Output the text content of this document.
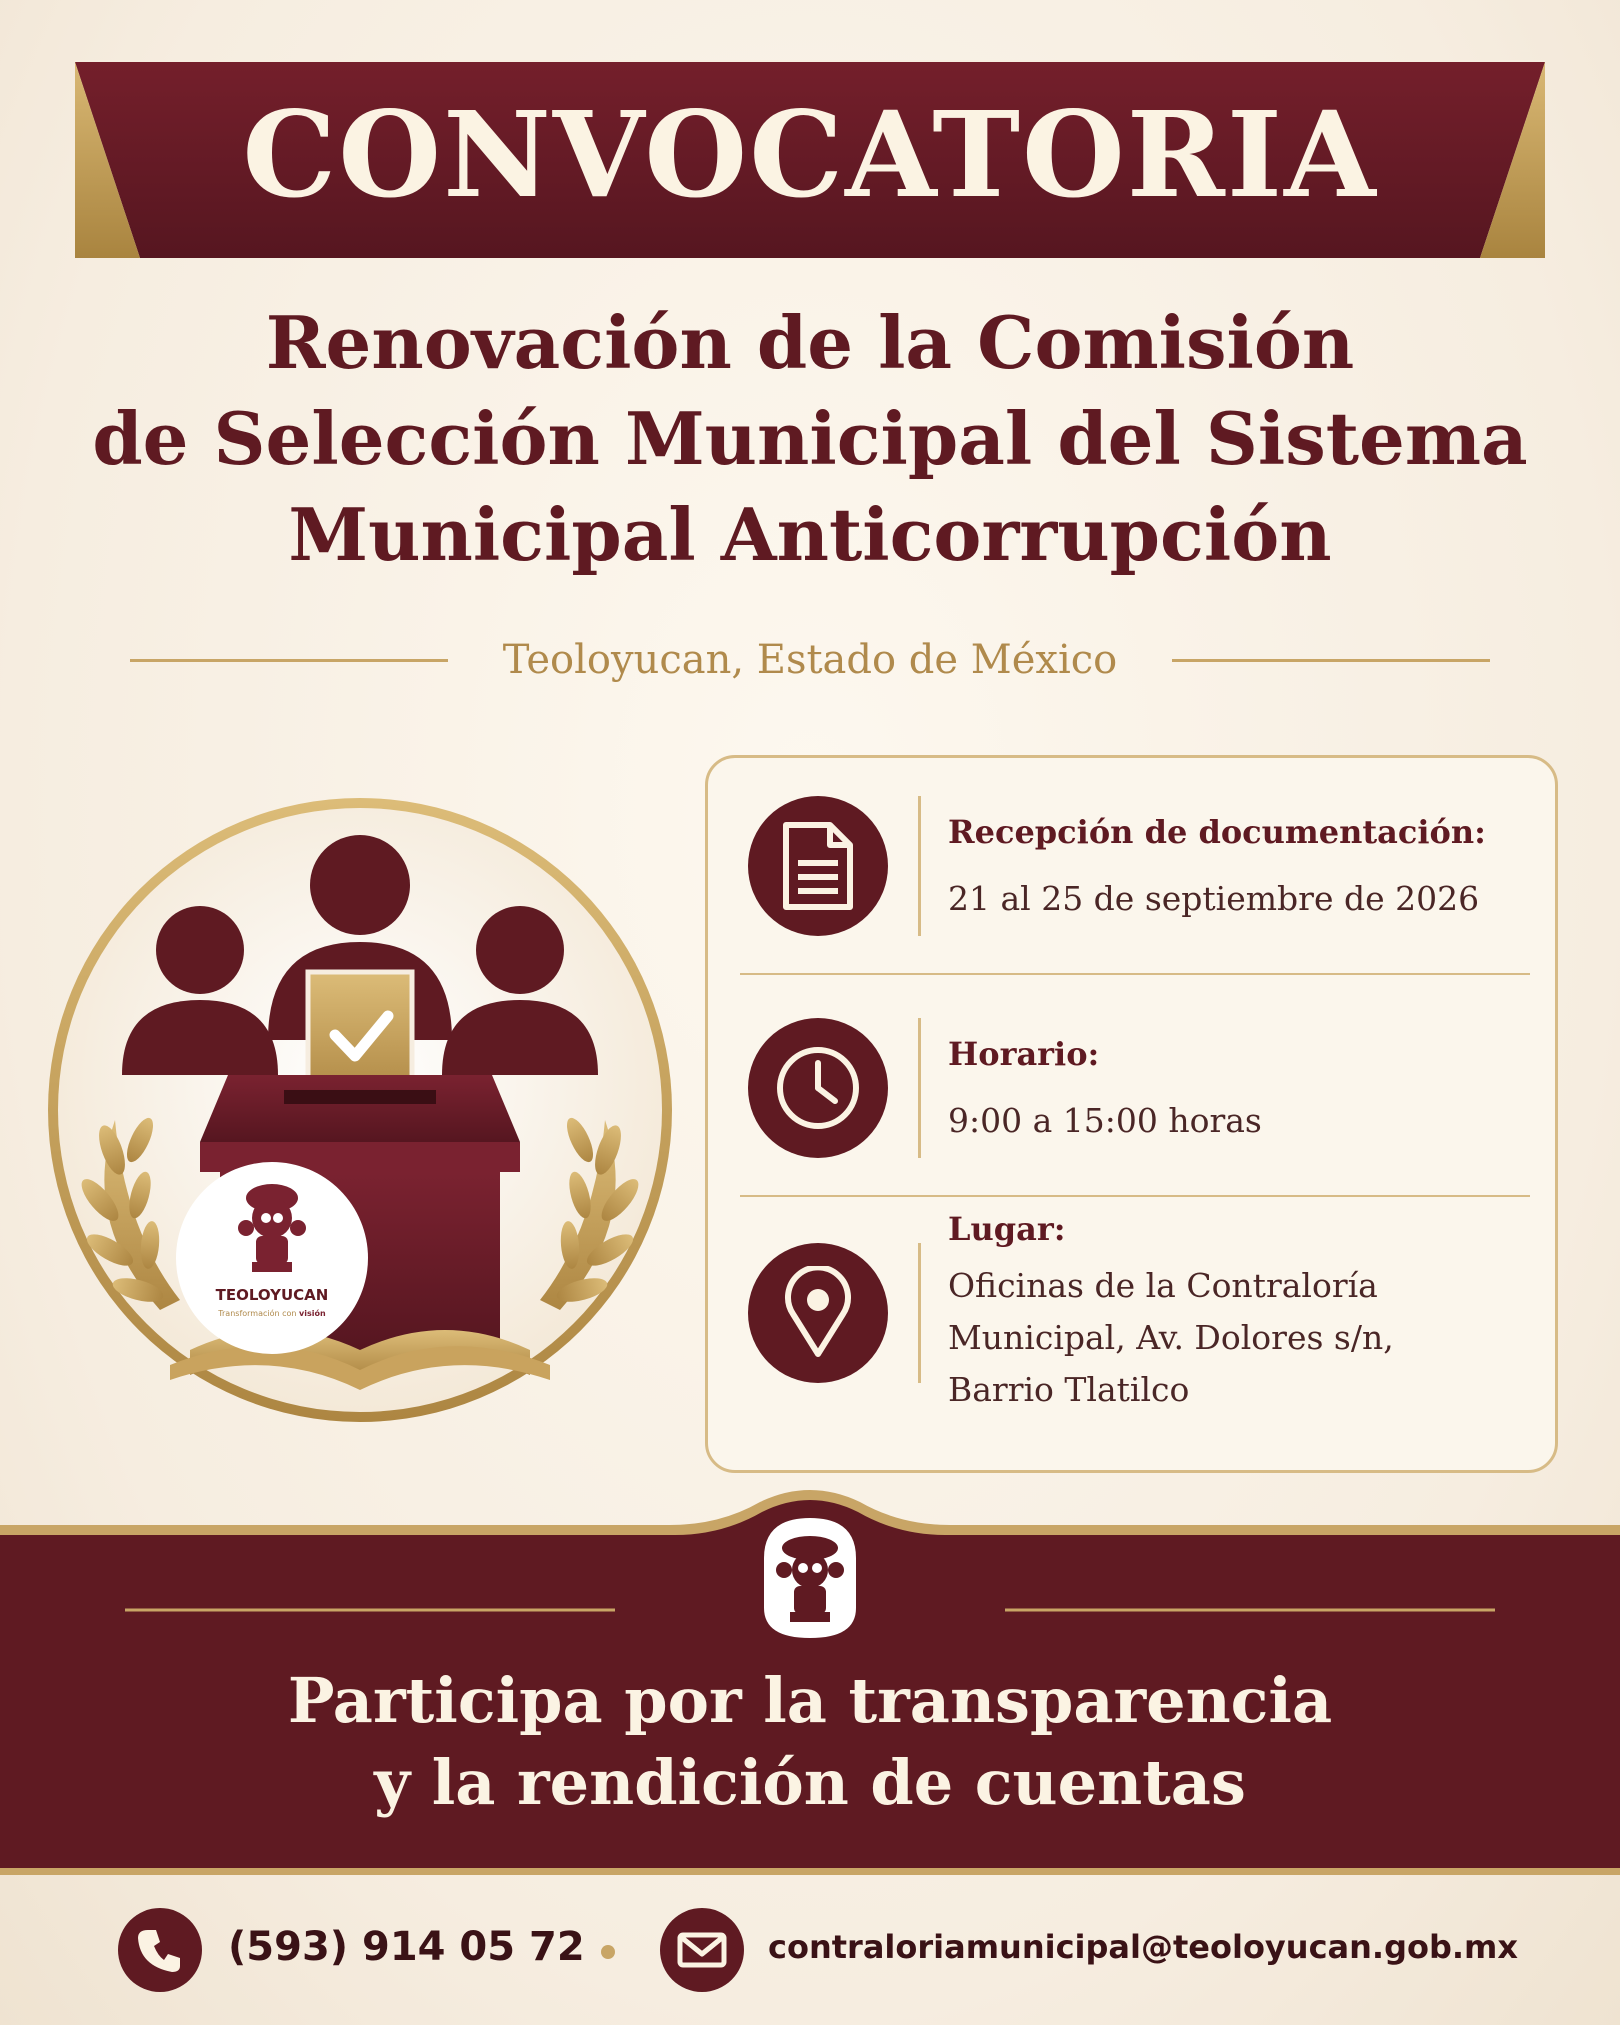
CONVOCATORIA
Renovación de la Comisión
de Selección Municipal del Sistema
Municipal Anticorrupción
Teoloyucan, Estado de México
TEOLOYUCAN
Transformación con visión
Recepción de documentación:
21 al 25 de septiembre de 2026
Horario:
9:00 a 15:00 horas
Lugar:
Oficinas de la Contraloría
Municipal, Av. Dolores s/n,
Barrio Tlatilco
Participa por la transparencia
y la rendición de cuentas
(593) 914 05 72	contraloriamunicipal@teoloyucan.gob.mx
